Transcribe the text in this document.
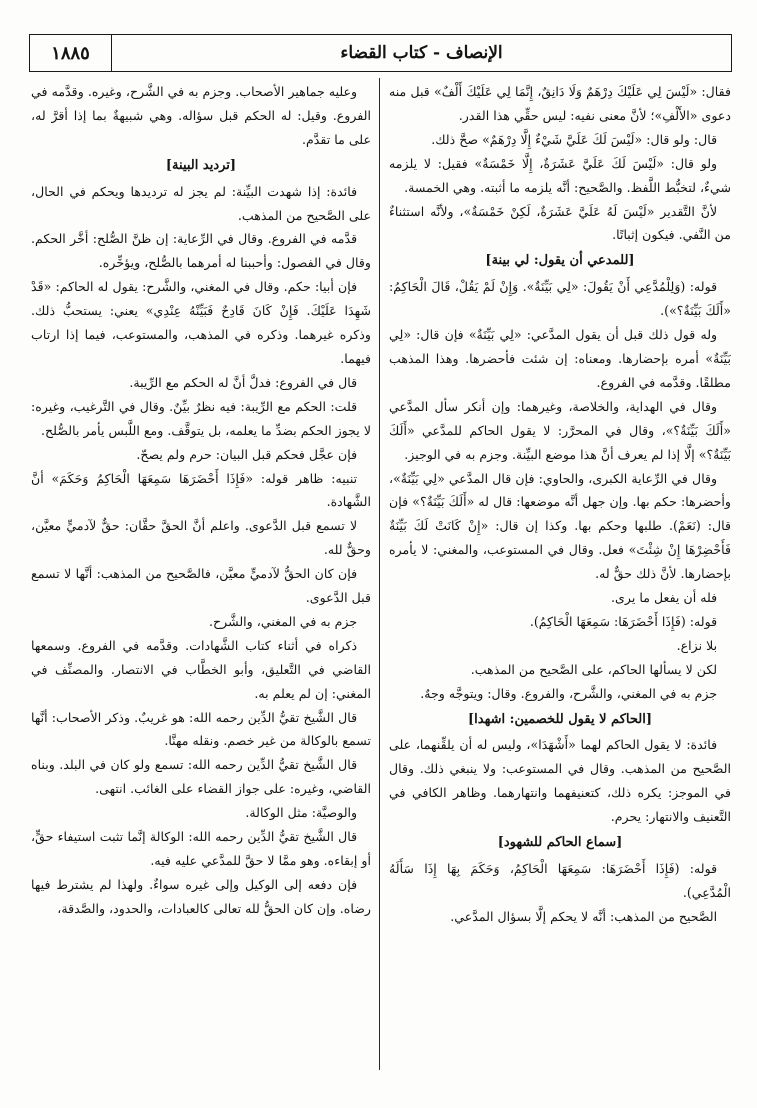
١٨٨٥	الإنصاف - كتاب القضاء

فقال: «لَيْسَ لِي عَلَيْكَ دِرْهَمٌ وَلَا دَانِقٌ، إِنَّمَا لِي عَلَيْكَ أَلْفٌ» قبل منه دعوى «الأَلْفِ»؛ لأنَّ معنى نفيه: ليس حقِّي هذا القدر.

قال: ولو قال: «لَيْسَ لَكَ عَلَيَّ شَيْءٌ إِلَّا دِرْهَمٌ» صحَّ ذلك.

ولو قال: «لَيْسَ لَكَ عَلَيَّ عَشَرَةٌ، إِلَّا خَمْسَةٌ» فقيل: لا يلزمه شيءٌ، لتخبُّط اللَّفظ. والصَّحيح: أنَّه يلزمه ما أثبته. وهي الخمسة.

لأنَّ التَّقدير «لَيْسَ لَهُ عَلَيَّ عَشَرَةٌ، لَكِنْ خَمْسَةٌ»، ولأنَّه استثناءٌ من النَّفي. فيكون إثباتًا.

[للمدعي أن يقول: لي بينة]

قوله: (وَلِلْمُدَّعِي أَنْ يَقُولَ: «لِي بَيِّنَةٌ». وَإِنْ لَمْ يَقُلْ، قَالَ الْحَاكِمُ: «أَلَكَ بَيِّنَةٌ؟»).

وله قول ذلك قبل أن يقول المدَّعي: «لِي بَيِّنَةٌ» فإن قال: «لِي بَيِّنَةٌ» أمره بإحضارها. ومعناه: إن شئت فأحضرها. وهذا المذهب مطلقًا. وقدَّمه في الفروع.

وقال في الهداية، والخلاصة، وغيرهما: وإن أنكر سأل المدَّعي «أَلَكَ بَيِّنَةٌ؟»، وقال في المحرَّر: لا يقول الحاكم للمدَّعي «أَلَكَ بَيِّنَةٌ؟» إلَّا إذا لم يعرف أنَّ هذا موضع البيِّنة. وجزم به في الوجيز.

وقال في الرِّعاية الكبرى، والحاوي: فإن قال المدَّعي «لِي بَيِّنَةٌ»، وأحضرها: حكم بها. وإن جهل أنَّه موضعها: قال له «أَلَكَ بَيِّنَةٌ؟» فإن قال: (نَعَمْ). طلبها وحكم بها. وكذا إن قال: «إِنْ كَانَتْ لَكَ بَيِّنَةٌ فَأَحْضِرْهَا إِنْ شِئْتَ» فعل. وقال في المستوعب، والمغني: لا يأمره بإحضارها. لأنَّ ذلك حقٌّ له.

فله أن يفعل ما يرى.

قوله: (فَإِذَا أَحْضَرَهَا: سَمِعَهَا الْحَاكِمُ).

بلا نزاع.

لكن لا يسألها الحاكم، على الصَّحيح من المذهب.

جزم به في المغني، والشَّرح، والفروع. وقال: ويتوجَّه وجهٌ.

[الحاكم لا يقول للخصمين: اشهدا]

فائدة: لا يقول الحاكم لهما «أَشْهَدَا»، وليس له أن يلقِّنهما، على الصَّحيح من المذهب. وقال في المستوعب: ولا ينبغي ذلك. وقال في الموجز: يكره ذلك، كتعنيفهما وانتهارهما. وظاهر الكافي في التَّعنيف والانتهار: يحرم.

[سماع الحاكم للشهود]

قوله: (فَإِذَا أَحْضَرَهَا: سَمِعَهَا الْحَاكِمُ، وَحَكَمَ بِهَا إِذَا سَأَلَهُ الْمُدَّعِي).

الصَّحيح من المذهب: أنَّه لا يحكم إلَّا بسؤال المدَّعي.

وعليه جماهير الأصحاب. وجزم به في الشَّرح، وغيره. وقدَّمه في الفروع. وقيل: له الحكم قبل سؤاله. وهي شبيهةٌ بما إذا أقرَّ له، على ما تقدَّم.

[ترديد البينة]

فائدة: إذا شهدت البيِّنة: لم يجز له ترديدها ويحكم في الحال، على الصَّحيح من المذهب.

قدَّمه في الفروع. وقال في الرِّعاية: إن ظنَّ الصُّلح: أخَّر الحكم. وقال في الفصول: وأحببنا له أمرهما بالصُّلح، ويؤخِّره.

فإن أبيا: حكم. وقال في المغني، والشَّرح: يقول له الحاكم: «قَدْ شَهِدَا عَلَيْكَ. فَإِنْ كَانَ قَادِحٌ فَبَيِّنْهُ عِنْدِي» يعني: يستحبُّ ذلك. وذكره غيرهما. وذكره في المذهب، والمستوعب، فيما إذا ارتاب فيهما.

قال في الفروع: فدلَّ أنَّ له الحكم مع الرِّيبة.

قلت: الحكم مع الرِّيبة: فيه نظرٌ بيِّنٌ. وقال في التَّرغيب، وغيره: لا يجوز الحكم بضدِّ ما يعلمه، بل يتوقَّف. ومع اللَّبس يأمر بالصُّلح.

فإن عجَّل فحكم قبل البيان: حرم ولم يصحّ.

تنبيه: ظاهر قوله: «فَإِذَا أَحْضَرَهَا سَمِعَهَا الْحَاكِمُ وَحَكَمَ» أنَّ الشَّهادة.

لا تسمع قبل الدَّعوى. واعلم أنَّ الحقَّ حقَّان: حقٌّ لآدميٍّ معيَّن، وحقٌّ لله.

فإن كان الحقُّ لآدميٍّ معيَّن، فالصَّحيح من المذهب: أنَّها لا تسمع قبل الدَّعوى.

جزم به في المغني، والشَّرح.

ذكراه في أثناء كتاب الشَّهادات. وقدَّمه في الفروع. وسمعها القاضي في التَّعليق، وأبو الخطَّاب في الانتصار. والمصنِّف في المغني: إن لم يعلم به.

قال الشَّيخ تقيُّ الدِّين رحمه الله: هو غريبٌ. وذكر الأصحاب: أنَّها تسمع بالوكالة من غير خصم. ونقله مهنَّا.

قال الشَّيخ تقيُّ الدِّين رحمه الله: تسمع ولو كان في البلد. وبناه القاضي، وغيره: على جواز القضاء على الغائب. انتهى.

والوصيَّة: مثل الوكالة.

قال الشَّيخ تقيُّ الدِّين رحمه الله: الوكالة إنَّما تثبت استيفاء حقٍّ، أو إبقاءه. وهو ممَّا لا حقَّ للمدَّعي عليه فيه.

فإن دفعه إلى الوكيل وإلى غيره سواءٌ. ولهذا لم يشترط فيها رضاه. وإن كان الحقُّ لله تعالى كالعبادات، والحدود، والصَّدقة،
